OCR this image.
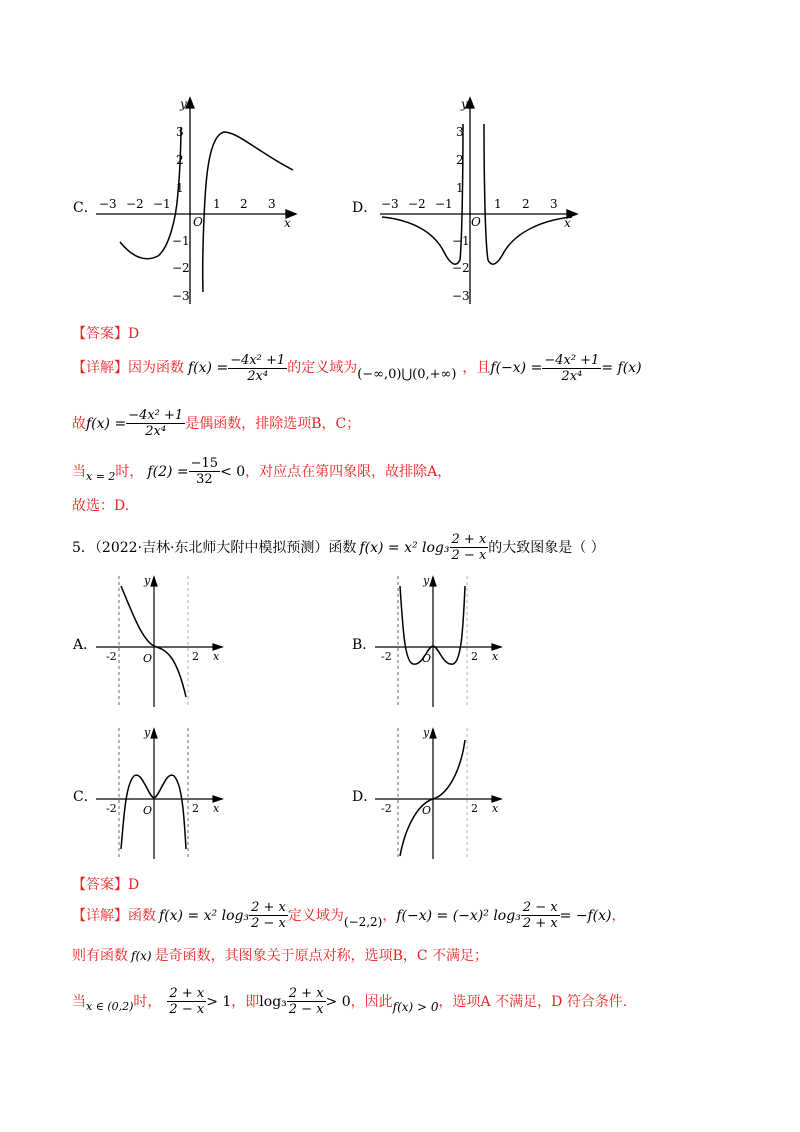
C． −3 −2 −1	1 2 3
3
2
1
−1
−2
−3
O	x
y
D． −3 −2 −1	1 2 3
3
2
1
−1
−2
−3
O	x
y
【答案】D
【详解】 因为函数 $f(x) = \frac{\text{−4x² +1}}{\text{2x⁴}}$ 的定义域为 (−∞,0)⋃(0,+∞) ，且 $f(-x) = \frac{\text{−4x² +1}}{\text{2x⁴}} = f(x)$
故 $f(x) = \frac{\text{−4x² +1}}{\text{2x⁴}}$ 是偶函数，排除选项B，C；
当 x = 2 时， $f(2) = \frac{-15}{32} < 0$ ，对应点在第四象限，故排除A，
故选：D.
5．（2022·吉林·东北师大附中模拟预测）函数 f(x) = x² $\log_3 \frac{2 + x}{2 - x}$ 的大致图象是（ ）
A．
-2	2
O	x
y
B．
-2	2
O	x
y
C．
-2	2
O	x
y
D．
-2	2
O	x
y
【答案】D
【详解】 函数 f(x) = x² $\log_3 \frac{2 + x}{2 - x}$ 定义域为 (−2,2) ， f(−x) = (−x)² $\log_3 \frac{2 - x}{2 + x} = -f(x)$ ，
则有函数 f(x) 是奇函数，其图象关于原点对称，选项B，C 不满足；
当 x ∈ (0,2) 时， $\frac{2 + x}{2 - x} > 1$ ，即 $\log_3 \frac{2 + x}{2 - x} > 0$ ，因此 f(x) > 0 ，选项A 不满足，D 符合条件.
